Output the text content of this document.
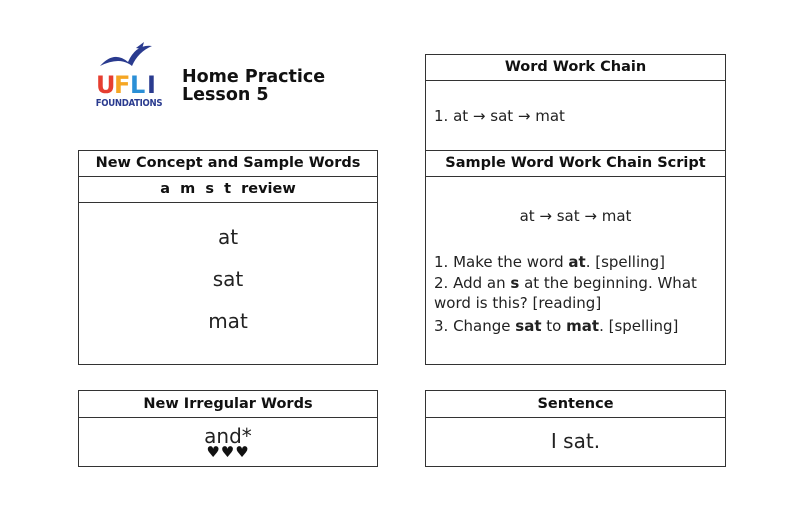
U
F L I
FOUNDATIONS
Home Practice
Lesson 5
New Concept and Sample Words
a  m  s  t  review
at
sat
mat
Word Work Chain
1. at → sat → mat
Sample Word Work Chain Script
at → sat → mat
1. Make the word at. [spelling]
2. Add an s at the beginning. What word is this? [reading]
3. Change sat to mat. [spelling]
New Irregular Words
and*
♥♥♥
Sentence
I sat.
